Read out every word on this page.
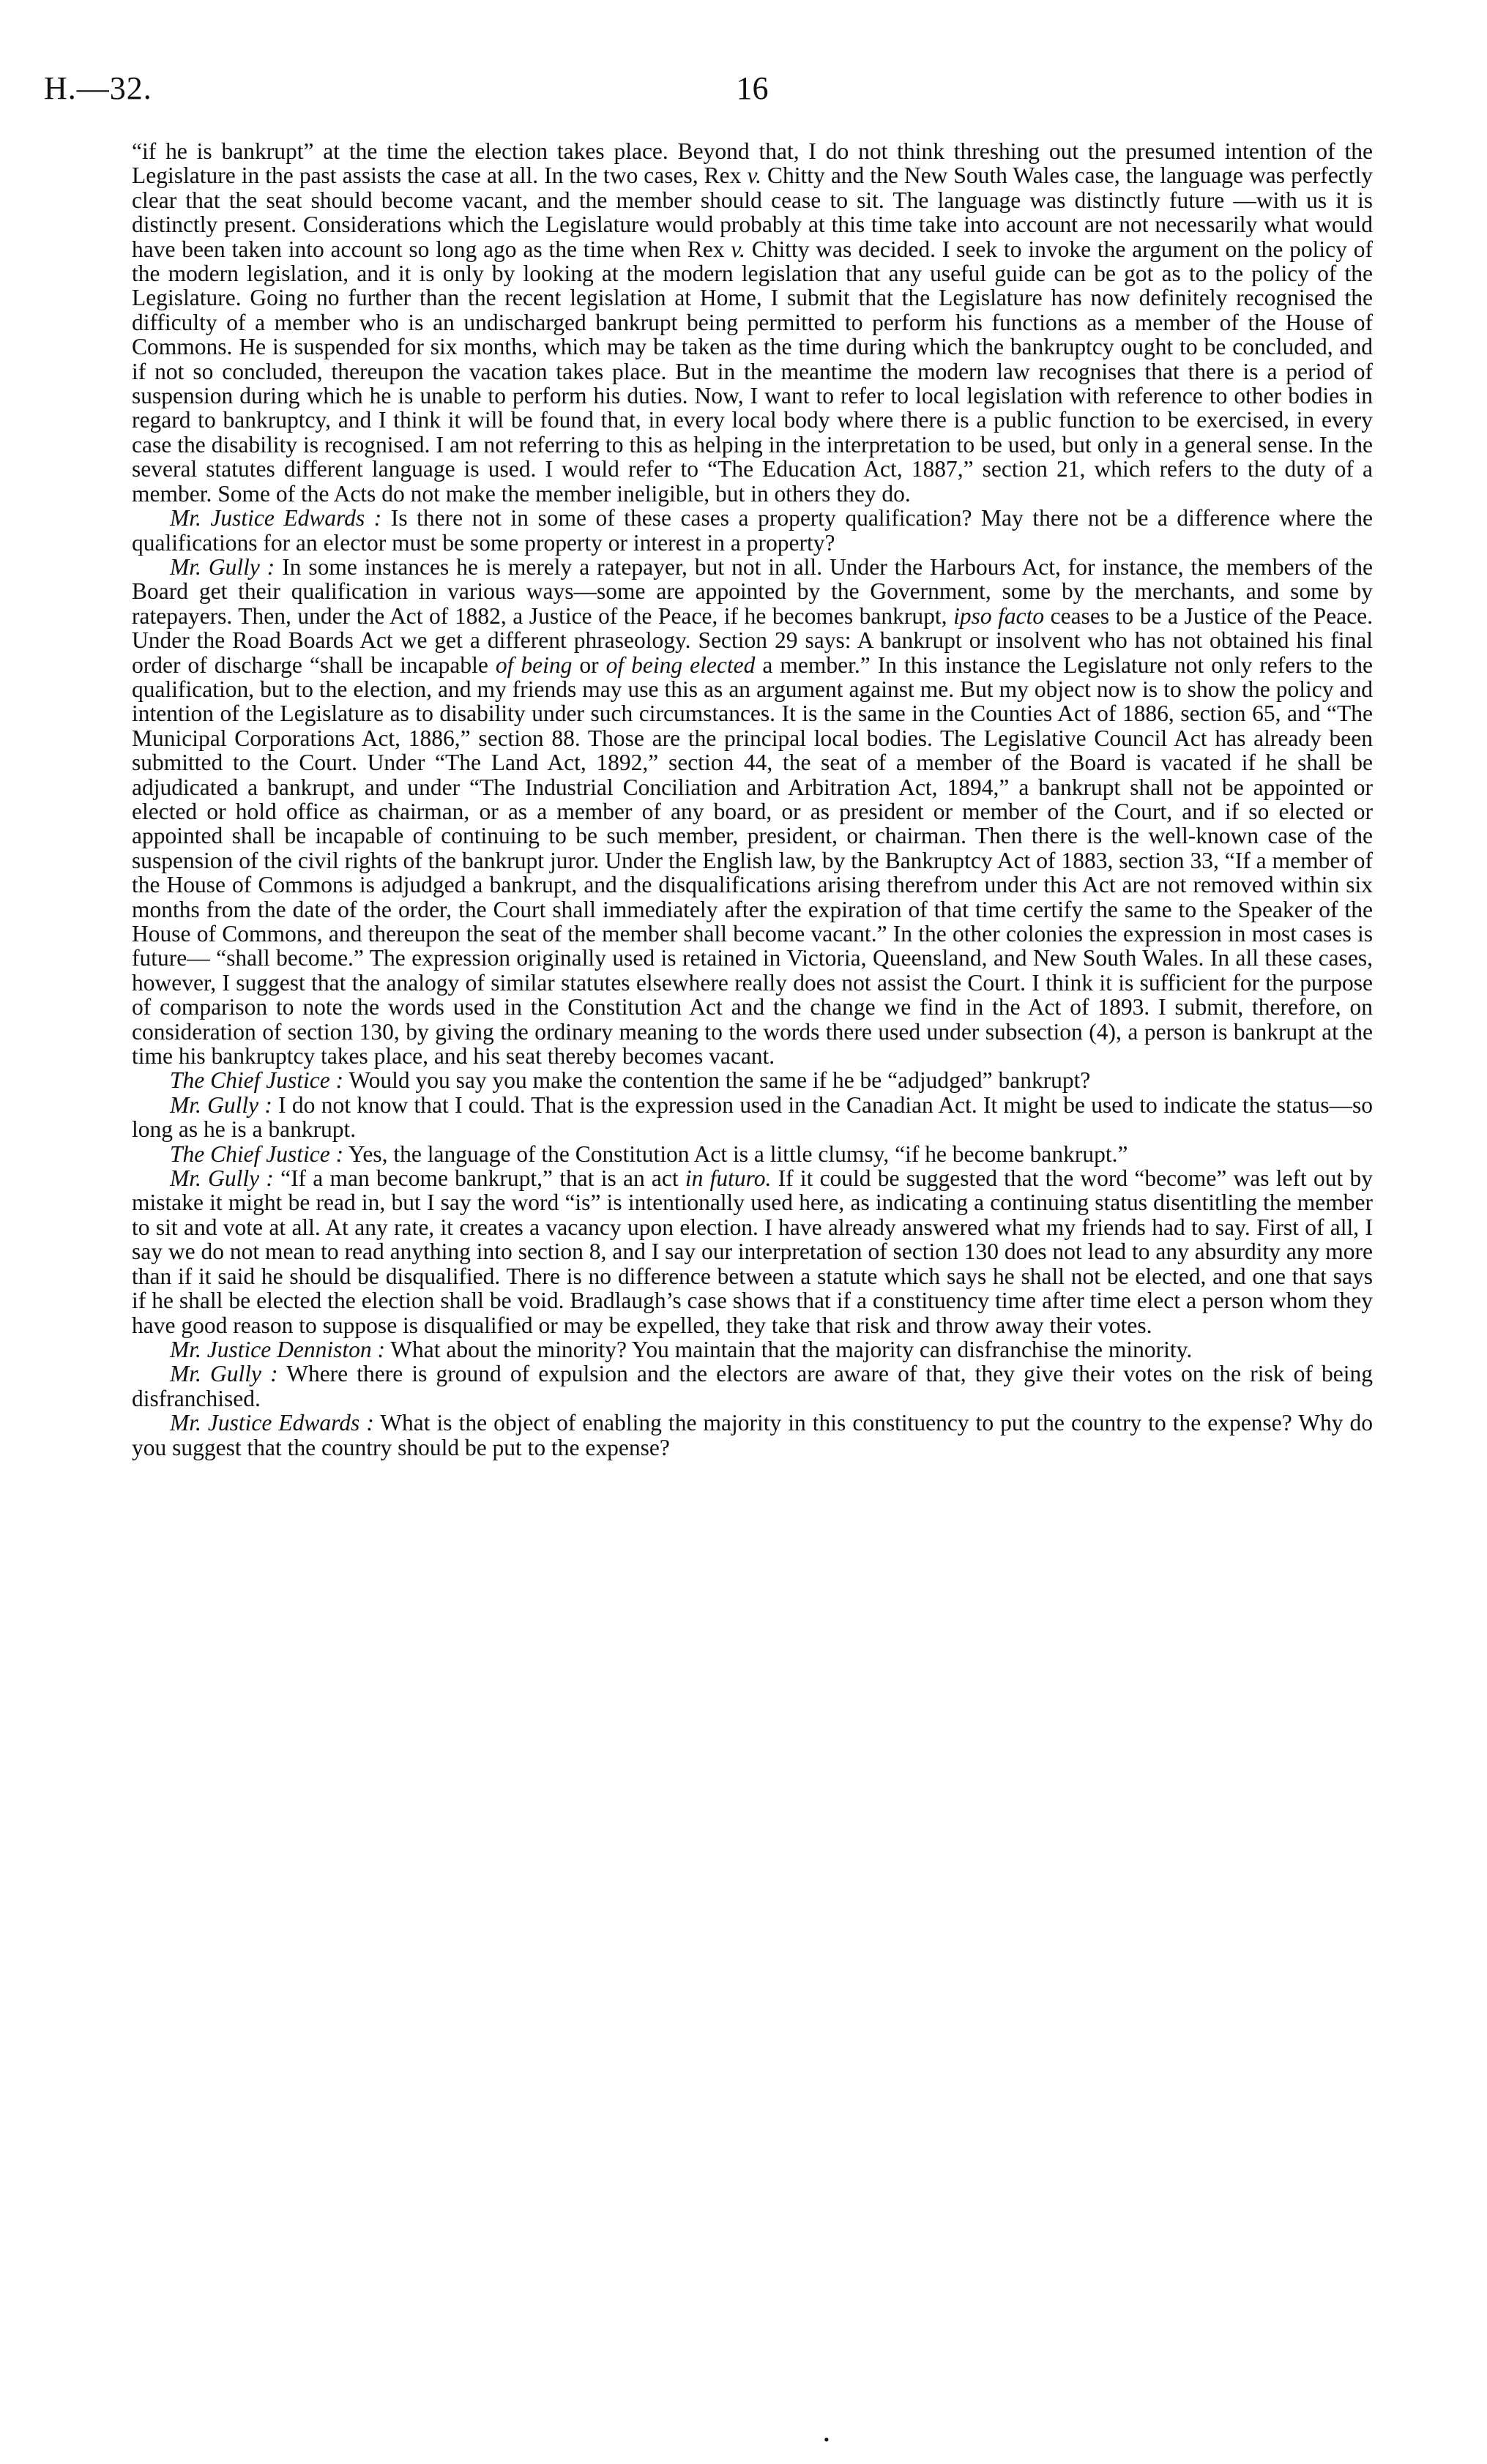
H.—32.	16

“if he is bankrupt” at the time the election takes place. Beyond that, I do not think threshing out the presumed intention of the Legislature in the past assists the case at all. In the two cases, Rex v. Chitty and the New South Wales case, the language was perfectly clear that the seat should become vacant, and the member should cease to sit. The language was distinctly future —with us it is distinctly present. Considerations which the Legislature would probably at this time take into account are not necessarily what would have been taken into account so long ago as the time when Rex v. Chitty was decided. I seek to invoke the argument on the policy of the modern legislation, and it is only by looking at the modern legislation that any useful guide can be got as to the policy of the Legislature. Going no further than the recent legislation at Home, I submit that the Legislature has now definitely recognised the difficulty of a member who is an undischarged bankrupt being permitted to perform his functions as a member of the House of Commons. He is suspended for six months, which may be taken as the time during which the bankruptcy ought to be concluded, and if not so concluded, thereupon the vacation takes place. But in the meantime the modern law recognises that there is a period of suspension during which he is unable to perform his duties. Now, I want to refer to local legislation with reference to other bodies in regard to bankruptcy, and I think it will be found that, in every local body where there is a public function to be exercised, in every case the disability is recognised. I am not referring to this as helping in the interpretation to be used, but only in a general sense. In the several statutes different language is used. I would refer to “The Education Act, 1887,” section 21, which refers to the duty of a member. Some of the Acts do not make the member ineligible, but in others they do.

Mr. Justice Edwards : Is there not in some of these cases a property qualification? May there not be a difference where the qualifications for an elector must be some property or interest in a property?

Mr. Gully : In some instances he is merely a ratepayer, but not in all. Under the Harbours Act, for instance, the members of the Board get their qualification in various ways—some are appointed by the Government, some by the merchants, and some by ratepayers. Then, under the Act of 1882, a Justice of the Peace, if he becomes bankrupt, ipso facto ceases to be a Justice of the Peace. Under the Road Boards Act we get a different phraseology. Section 29 says: A bankrupt or insolvent who has not obtained his final order of discharge “shall be incapable of being or of being elected a member.” In this instance the Legislature not only refers to the qualification, but to the election, and my friends may use this as an argument against me. But my object now is to show the policy and intention of the Legislature as to disability under such circumstances. It is the same in the Counties Act of 1886, section 65, and “The Municipal Corporations Act, 1886,” section 88. Those are the principal local bodies. The Legislative Council Act has already been submitted to the Court. Under “The Land Act, 1892,” section 44, the seat of a member of the Board is vacated if he shall be adjudicated a bankrupt, and under “The Industrial Conciliation and Arbitration Act, 1894,” a bankrupt shall not be appointed or elected or hold office as chairman, or as a member of any board, or as president or member of the Court, and if so elected or appointed shall be incapable of continuing to be such member, president, or chairman. Then there is the well-known case of the suspension of the civil rights of the bankrupt juror. Under the English law, by the Bankruptcy Act of 1883, section 33, “If a member of the House of Commons is adjudged a bankrupt, and the disqualifications arising therefrom under this Act are not removed within six months from the date of the order, the Court shall immediately after the expiration of that time certify the same to the Speaker of the House of Commons, and thereupon the seat of the member shall become vacant.” In the other colonies the expression in most cases is future— “shall become.” The expression originally used is retained in Victoria, Queensland, and New South Wales. In all these cases, however, I suggest that the analogy of similar statutes elsewhere really does not assist the Court. I think it is sufficient for the purpose of comparison to note the words used in the Constitution Act and the change we find in the Act of 1893. I submit, therefore, on consideration of section 130, by giving the ordinary meaning to the words there used under subsection (4), a person is bankrupt at the time his bankruptcy takes place, and his seat thereby becomes vacant.

The Chief Justice : Would you say you make the contention the same if he be “adjudged” bankrupt?

Mr. Gully : I do not know that I could. That is the expression used in the Canadian Act. It might be used to indicate the status—so long as he is a bankrupt.

The Chief Justice : Yes, the language of the Constitution Act is a little clumsy, “if he become bankrupt.”

Mr. Gully : “If a man become bankrupt,” that is an act in futuro. If it could be suggested that the word “become” was left out by mistake it might be read in, but I say the word “is” is intentionally used here, as indicating a continuing status disentitling the member to sit and vote at all. At any rate, it creates a vacancy upon election. I have already answered what my friends had to say. First of all, I say we do not mean to read anything into section 8, and I say our interpretation of section 130 does not lead to any absurdity any more than if it said he should be disqualified. There is no difference between a statute which says he shall not be elected, and one that says if he shall be elected the election shall be void. Bradlaugh’s case shows that if a constituency time after time elect a person whom they have good reason to suppose is disqualified or may be expelled, they take that risk and throw away their votes.

Mr. Justice Denniston : What about the minority? You maintain that the majority can disfranchise the minority.

Mr. Gully : Where there is ground of expulsion and the electors are aware of that, they give their votes on the risk of being disfranchised.

Mr. Justice Edwards : What is the object of enabling the majority in this constituency to put the country to the expense? Why do you suggest that the country should be put to the expense?

•
